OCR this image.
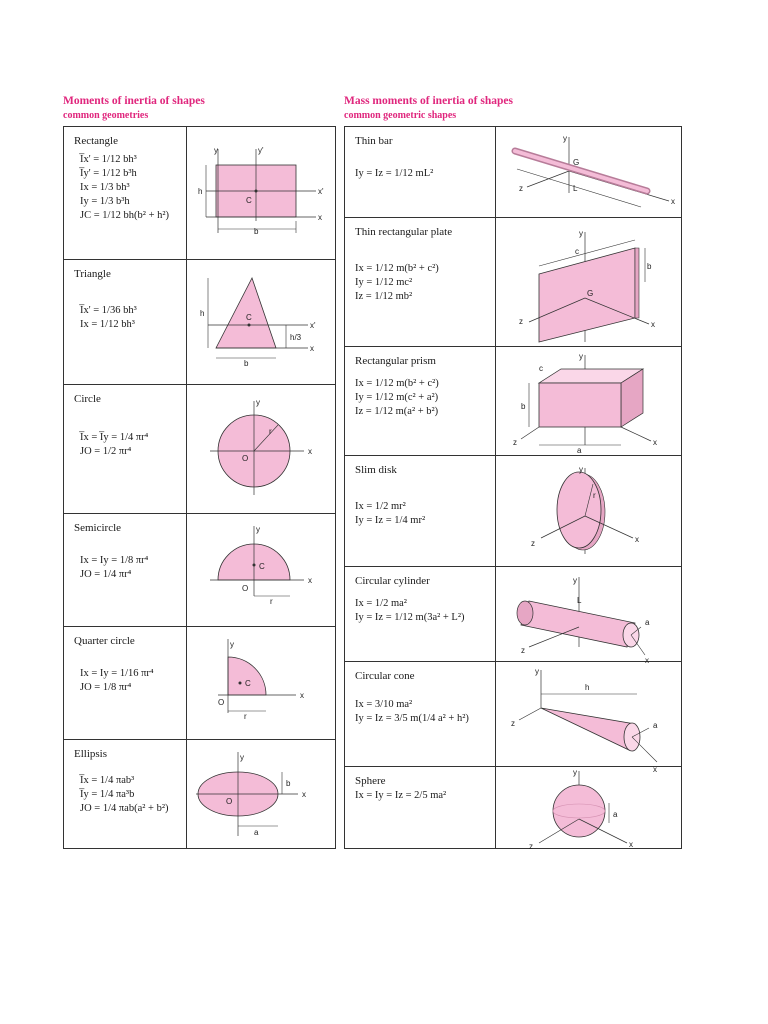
Moments of inertia of shapes
common geometries
Mass moments of inertia of shapes
common geometric shapes
Rectangle
I̅x' = 1/12 bh³
I̅y' = 1/12 b³h
Ix = 1/3 bh³
Iy = 1/3 b³h
JC = 1/12 bh(b² + h²)
y	y'
x'
x
C
h
b
Triangle
I̅x' = 1/36 bh³
Ix = 1/12 bh³	x'
x
C
h
b
h/3
Circle
I̅x = I̅y = 1/4 πr⁴
JO = 1/2 πr⁴
y
x
O
r
Semicircle
Ix = Iy = 1/8 πr⁴
JO = 1/4 πr⁴
y
x
C
O
r
Quarter circle
Ix = Iy = 1/16 πr⁴
JO = 1/8 πr⁴
y
x
C
O
r
Ellipsis
I̅x = 1/4 πab³
I̅y = 1/4 πa³b
JO = 1/4 πab(a² + b²)
y
x
O
b
a
Thin bar
Iy = Iz = 1/12 mL²
y
x
z
G
L
Thin rectangular plate
Ix = 1/12 m(b² + c²)
Iy = 1/12 mc²
Iz = 1/12 mb²
y
x
z
G
b
c
Rectangular prism
Ix = 1/12 m(b² + c²)
Iy = 1/12 m(c² + a²)
Iz = 1/12 m(a² + b²)
y
x
z
b
c
a
Slim disk
Ix = 1/2 mr²
Iy = Iz = 1/4 mr²
y
x
z
r
Circular cylinder
Ix = 1/2 ma²
Iy = Iz = 1/12 m(3a² + L²)
y
x
z
L
a
Circular cone
Ix = 3/10 ma²
Iy = Iz = 3/5 m(1/4 a² + h²)
y
x
z
h
a
Sphere
Ix = Iy = Iz = 2/5 ma²
y
x
z
a
